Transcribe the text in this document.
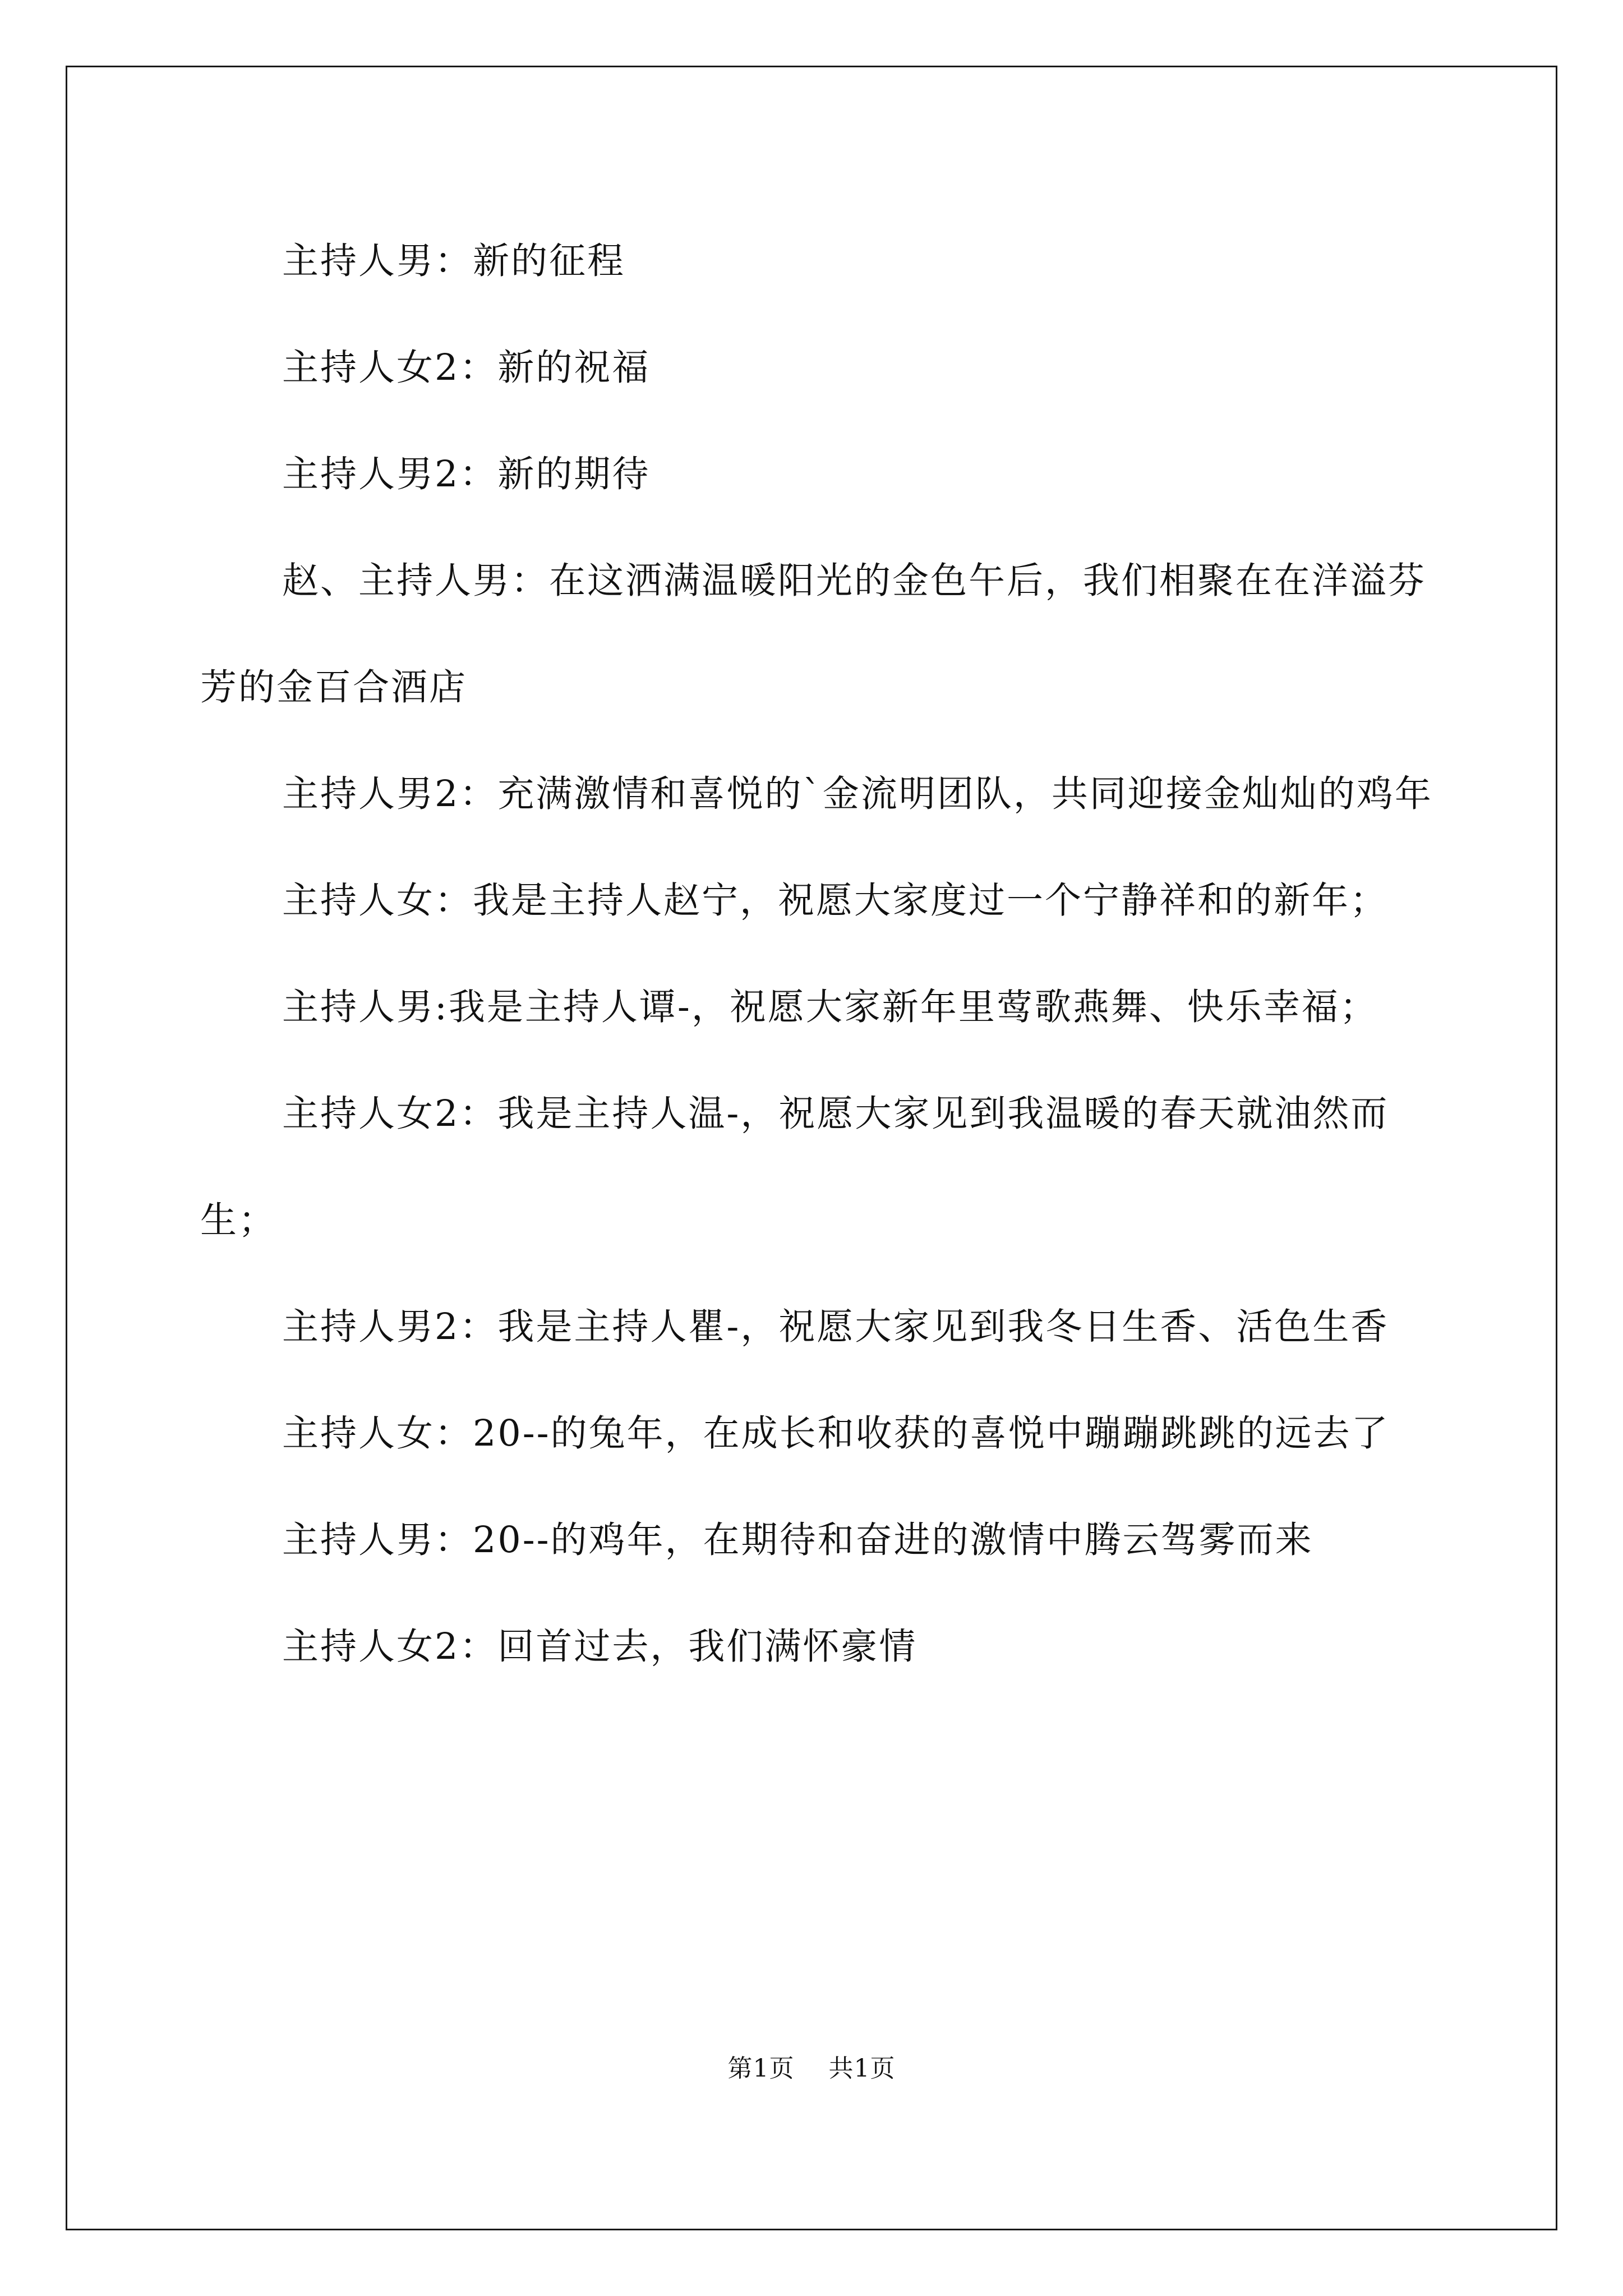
主持人男：新的征程

主持人女2：新的祝福

主持人男2：新的期待

赵、主持人男：在这洒满温暖阳光的金色午后，我们相聚在在洋溢芬芳的金百合酒店

主持人男2：充满激情和喜悦的`金流明团队，共同迎接金灿灿的鸡年

主持人女：我是主持人赵宁，祝愿大家度过一个宁静祥和的新年；

主持人男:我是主持人谭-，祝愿大家新年里莺歌燕舞、快乐幸福；

主持人女2：我是主持人温-，祝愿大家见到我温暖的春天就油然而生；

主持人男2：我是主持人瞿-，祝愿大家见到我冬日生香、活色生香

主持人女：20--的兔年，在成长和收获的喜悦中蹦蹦跳跳的远去了

主持人男：20--的鸡年，在期待和奋进的激情中腾云驾雾而来

主持人女2：回首过去，我们满怀豪情

第1页 共1页
